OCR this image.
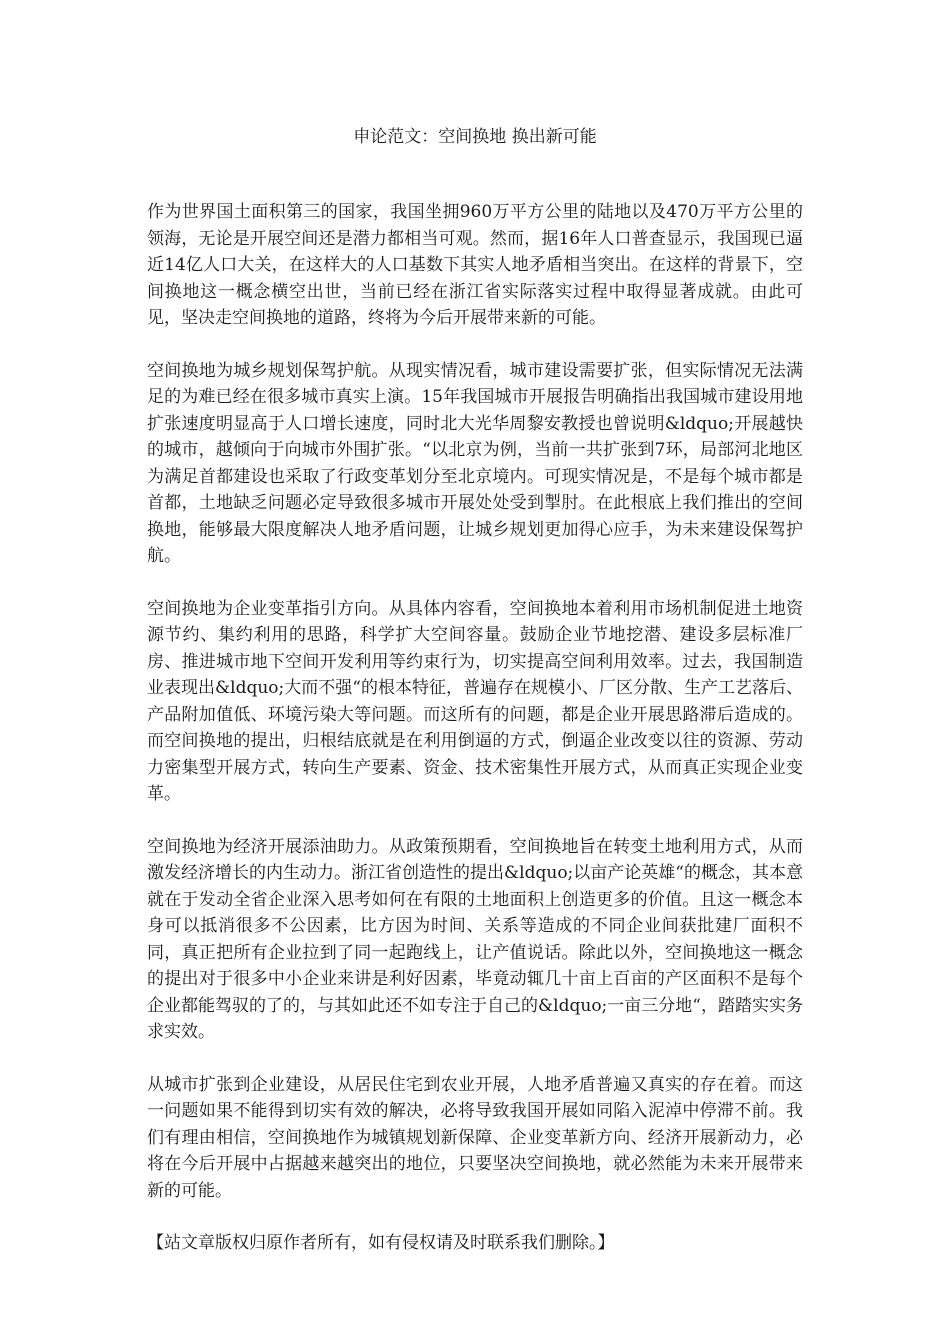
申论范文：空间换地 换出新可能

作为世界国土面积第三的国家，我国坐拥960万平方公里的陆地以及470万平方公里的领海，无论是开展空间还是潜力都相当可观。然而，据16年人口普查显示，我国现已逼近14亿人口大关，在这样大的人口基数下其实人地矛盾相当突出。在这样的背景下，空间换地这一概念横空出世，当前已经在浙江省实际落实过程中取得显著成就。由此可见，坚决走空间换地的道路，终将为今后开展带来新的可能。

空间换地为城乡规划保驾护航。从现实情况看，城市建设需要扩张，但实际情况无法满足的为难已经在很多城市真实上演。15年我国城市开展报告明确指出我国城市建设用地扩张速度明显高于人口增长速度，同时北大光华周黎安教授也曾说明&ldquo;开展越快的城市，越倾向于向城市外围扩张。“以北京为例，当前一共扩张到7环，局部河北地区为满足首都建设也采取了行政变革划分至北京境内。可现实情况是，不是每个城市都是首都，土地缺乏问题必定导致很多城市开展处处受到掣肘。在此根底上我们推出的空间换地，能够最大限度解决人地矛盾问题，让城乡规划更加得心应手，为未来建设保驾护航。

空间换地为企业变革指引方向。从具体内容看，空间换地本着利用市场机制促进土地资源节约、集约利用的思路，科学扩大空间容量。鼓励企业节地挖潜、建设多层标准厂房、推进城市地下空间开发利用等约束行为，切实提高空间利用效率。过去，我国制造业表现出&ldquo;大而不强“的根本特征，普遍存在规模小、厂区分散、生产工艺落后、产品附加值低、环境污染大等问题。而这所有的问题，都是企业开展思路滞后造成的。而空间换地的提出，归根结底就是在利用倒逼的方式，倒逼企业改变以往的资源、劳动力密集型开展方式，转向生产要素、资金、技术密集性开展方式，从而真正实现企业变革。

空间换地为经济开展添油助力。从政策预期看，空间换地旨在转变土地利用方式，从而激发经济增长的内生动力。浙江省创造性的提出&ldquo;以亩产论英雄“的概念，其本意就在于发动全省企业深入思考如何在有限的土地面积上创造更多的价值。且这一概念本身可以抵消很多不公因素，比方因为时间、关系等造成的不同企业间获批建厂面积不同，真正把所有企业拉到了同一起跑线上，让产值说话。除此以外，空间换地这一概念的提出对于很多中小企业来讲是利好因素，毕竟动辄几十亩上百亩的产区面积不是每个企业都能驾驭的了的，与其如此还不如专注于自己的&ldquo;一亩三分地“，踏踏实实务求实效。

从城市扩张到企业建设，从居民住宅到农业开展，人地矛盾普遍又真实的存在着。而这一问题如果不能得到切实有效的解决，必将导致我国开展如同陷入泥淖中停滞不前。我们有理由相信，空间换地作为城镇规划新保障、企业变革新方向、经济开展新动力，必将在今后开展中占据越来越突出的地位，只要坚决空间换地，就必然能为未来开展带来新的可能。

【站文章版权归原作者所有，如有侵权请及时联系我们删除。】
